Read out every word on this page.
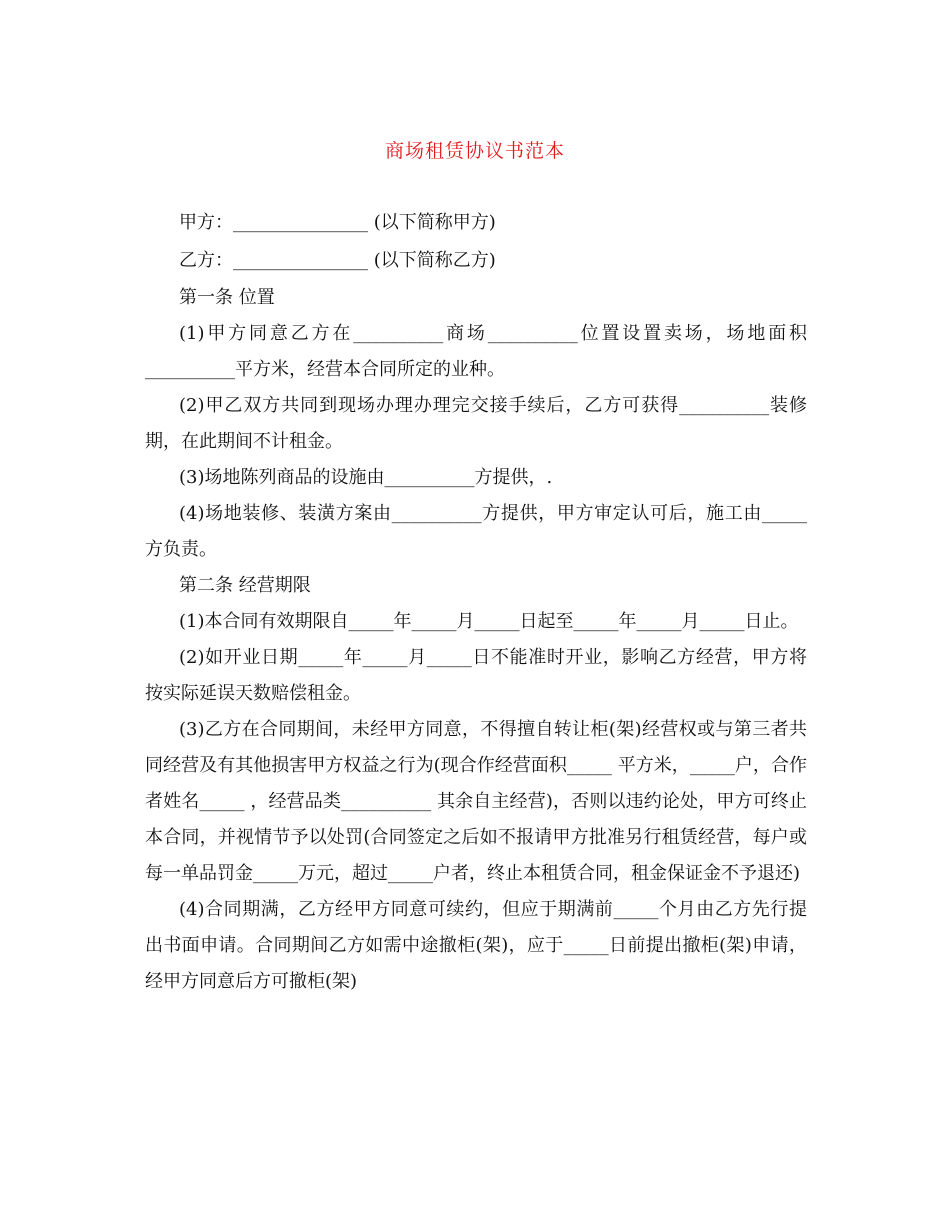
商场租赁协议书范本

甲方：_______________ (以下简称甲方)

乙方：_______________ (以下简称乙方)

第一条 位置

(1)甲方同意乙方在__________商场__________位置设置卖场，场地面积__________平方米，经营本合同所定的业种。

(2)甲乙双方共同到现场办理办理完交接手续后，乙方可获得__________装修期，在此期间不计租金。

(3)场地陈列商品的设施由__________方提供，.

(4)场地装修、装潢方案由__________方提供，甲方审定认可后，施工由_____方负责。

第二条 经营期限

(1)本合同有效期限自_____年_____月_____日起至_____年_____月_____日止。

(2)如开业日期_____年_____月_____日不能准时开业，影响乙方经营，甲方将按实际延误天数赔偿租金。

(3)乙方在合同期间，未经甲方同意，不得擅自转让柜(架)经营权或与第三者共同经营及有其他损害甲方权益之行为(现合作经营面积_____ 平方米，_____户，合作者姓名_____ ，经营品类__________ 其余自主经营)，否则以违约论处，甲方可终止本合同，并视情节予以处罚(合同签定之后如不报请甲方批准另行租赁经营，每户或每一单品罚金_____万元，超过_____户者，终止本租赁合同，租金保证金不予退还)

(4)合同期满，乙方经甲方同意可续约，但应于期满前_____个月由乙方先行提出书面申请。合同期间乙方如需中途撤柜(架)，应于_____日前提出撤柜(架)申请，经甲方同意后方可撤柜(架)
